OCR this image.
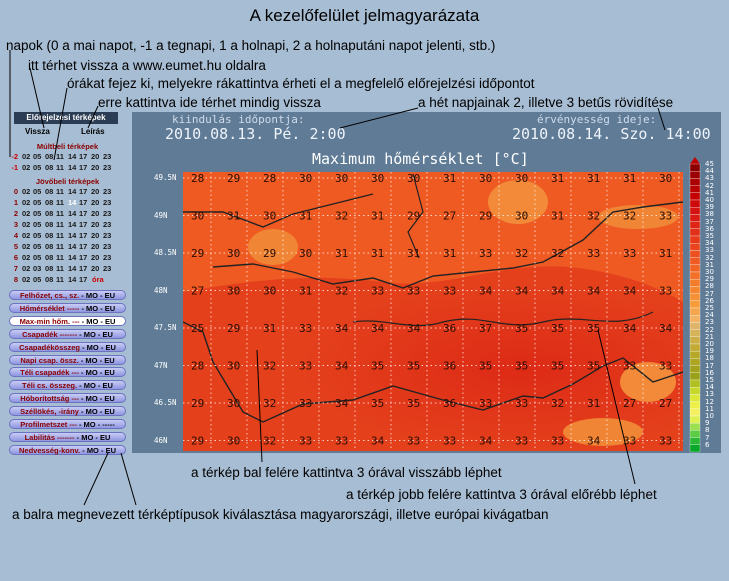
A kezelőfelület jelmagyarázata
napok (0 a mai napot, -1 a tegnapi, 1 a holnapi, 2 a holnaputáni napot jelenti, stb.)
itt térhet vissza a www.eumet.hu oldalra
órákat fejez ki, melyekre rákattintva érheti el a megfelelő előrejelzési időpontot
erre kattintva ide térhet mindig vissza	a hét napjainak 2, illetve 3 betűs rövidítése
a térkép bal felére kattintva 3 órával visszább léphet
a térkép jobb felére kattintva 3 órával előrébb léphet
a balra megnevezett térképtípusok kiválasztása magyarországi, illetve európai kivágatban
Előrejelzési térképek
Vissza	Leírás
Múltbeli térképek
-2 02 05 08 11 14 17 20 23
-1 02 05 08 11 14 17 20 23
Jövőbeli térképek
0 02 05 08 11 14 17 20 23
1 02 05 08 11 14 17 20 23
2 02 05 08 11 14 17 20 23
3 02 05 08 11 14 17 20 23
4 02 05 08 11 14 17 20 23
5 02 05 08 11 14 17 20 23
6 02 05 08 11 14 17 20 23
7 02 03 08 11 14 17 20 23
8 02 05 08 11 14 17 óra
Felhőzet, cs., sz. - MO - EU
Hőmérséklet ----- - MO - EU
Max-min hőm. --- - MO - EU
Csapadék ------- - MO - EU
Csapadékösszeg - MO - EU
Napi csap. össz. - MO - EU
Téli csapadék --- - MO - EU
Téli cs. összeg. - MO - EU
Hóborítottság --- - MO - EU
Széllökés, -irány - MO - EU
Profilmetszet --- - MO - -----
Labilitás ------- - MO - EU
Nedvesség-konv. - MO - EU
kiindulás időpontja:	érvényesség ideje:
2010.08.13. Pé. 2:00	2010.08.14. Szo. 14:00
Maximum hőmérséklet [°C]
28 29 28 30 30 30 30 31 30 30 31 31 31 30
30 31 30 31 32 31 29 27 29 30 31 32 32 33
29 30 29 30 31 31 31 31 33 32 32 33 33 31
27 30 30 31 32 33 33 33 34 34 34 34 34 33
25 29 31 33 34 34 34 36 37 35 35 35 34 34
28 30 32 33 34 35 35 36 35 35 35 35 33 33
29 30 32 33 34 35 35 36 33 33 32 31 27 27
29 30 32 33 33 34 33 33 34 33 33 34 33 33
49.5N
49N
48.5N
48N
47.5N
47N
46.5N
46N
45
44
43
42
41
40
39
38
37
36
35
34
33
32
31
30
29
28
27
26
25
24
23
22
21
20
19
18
17
16
15
14
13
12
11
10
9
8
7
6
